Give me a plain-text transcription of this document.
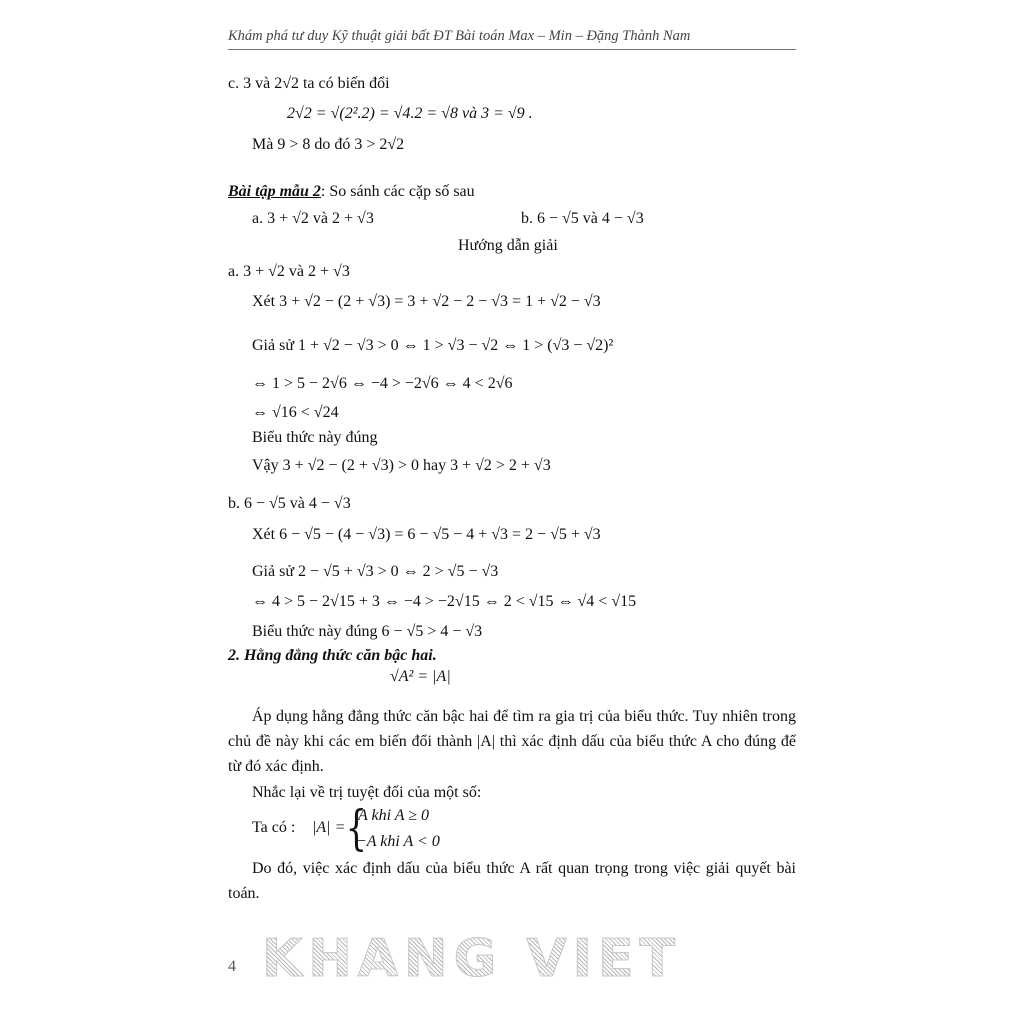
Khám phá tư duy Kỹ thuật giải bất ĐT Bài toán Max – Min – Đặng Thành Nam
c. 3 và 2√2 ta có biến đổi
2√2 = √(2².2) = √4.2 = √8 và 3 = √9 .
Mà 9 > 8 do đó 3 > 2√2
Bài tập mẫu 2: So sánh các cặp số sau
a. 3 + √2 và 2 + √3	b. 6 − √5 và 4 − √3
Hướng dẫn giải
a. 3 + √2 và 2 + √3
Xét 3 + √2 − (2 + √3) = 3 + √2 − 2 − √3 = 1 + √2 − √3
Giả sử 1 + √2 − √3 > 0 ⇔ 1 > √3 − √2 ⇔ 1 > (√3 − √2)²
⇔ 1 > 5 − 2√6 ⇔ −4 > −2√6 ⇔ 4 < 2√6
⇔ √16 < √24
Biểu thức này đúng
Vậy 3 + √2 − (2 + √3) > 0 hay 3 + √2 > 2 + √3
b. 6 − √5 và 4 − √3
Xét 6 − √5 − (4 − √3) = 6 − √5 − 4 + √3 = 2 − √5 + √3
Giả sử 2 − √5 + √3 > 0 ⇔ 2 > √5 − √3
⇔ 4 > 5 − 2√15 + 3 ⇔ −4 > −2√15 ⇔ 2 < √15 ⇔ √4 < √15
Biểu thức này đúng 6 − √5 > 4 − √3
2. Hằng đẳng thức căn bậc hai.
√A² = |A|
Áp dụng hằng đẳng thức căn bậc hai để tìm ra gia trị của biểu thức. Tuy nhiên trong chủ đề này khi các em biến đổi thành |A| thì xác định dấu của biểu thức A cho đúng để từ đó xác định.
Nhắc lại về trị tuyệt đối của một số:
Ta có : |A| = {
A khi A ≥ 0
−A khi A < 0
Do đó, việc xác định dấu của biểu thức A rất quan trọng trong việc giải quyết bài toán.
4 KHANG VIET
